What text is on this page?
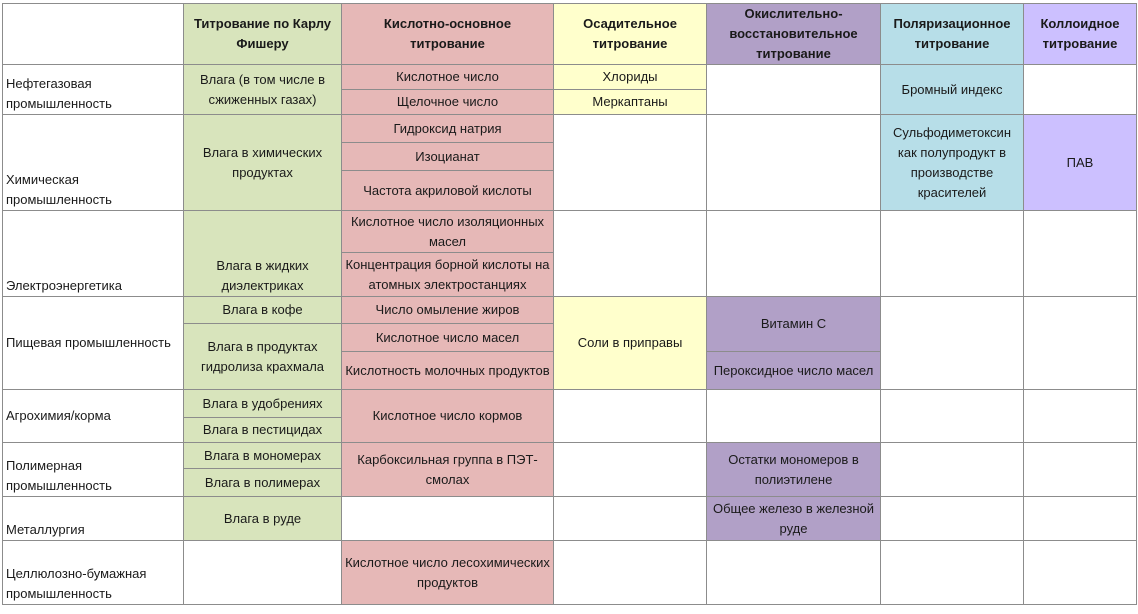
	Титрование по Карлу Фишеру	Кислотно-основное титрование	Осадительное титрование	Окислительно-восстановительное титрование	Поляризационное титрование	Коллоидное титрование
Нефтегазовая промышленность	Влага (в том числе в сжиженных газах)	Кислотное число	Хлориды		Бромный индекс	
		Щелочное число	Меркаптаны			
Химическая промышленность	Влага в химических продуктах	Гидроксид натрия			Сульфодиметоксин как полупродукт в производстве красителей	ПАВ
		Изоцианат				
		Частота акриловой кислоты				
Электроэнергетика	Влага в жидких диэлектриках	Кислотное число изоляционных масел				
		Концентрация борной кислоты на атомных электростанциях				
Пищевая промышленность	Влага в кофе	Число омыление жиров	Соли в приправы	Витамин С		
	Влага в продуктах гидролиза крахмала	Кислотное число масел				
		Кислотность молочных продуктов		Пероксидное число масел		
Агрохимия/корма	Влага в удобрениях	Кислотное число кормов				
	Влага в пестицидах					
Полимерная промышленность	Влага в мономерах	Карбоксильная группа в ПЭТ-смолах		Остатки мономеров в полиэтилене		
	Влага в полимерах					
Металлургия	Влага в руде			Общее железо в железной руде		
Целлюлозно-бумажная промышленность		Кислотное число лесохимических продуктов				
